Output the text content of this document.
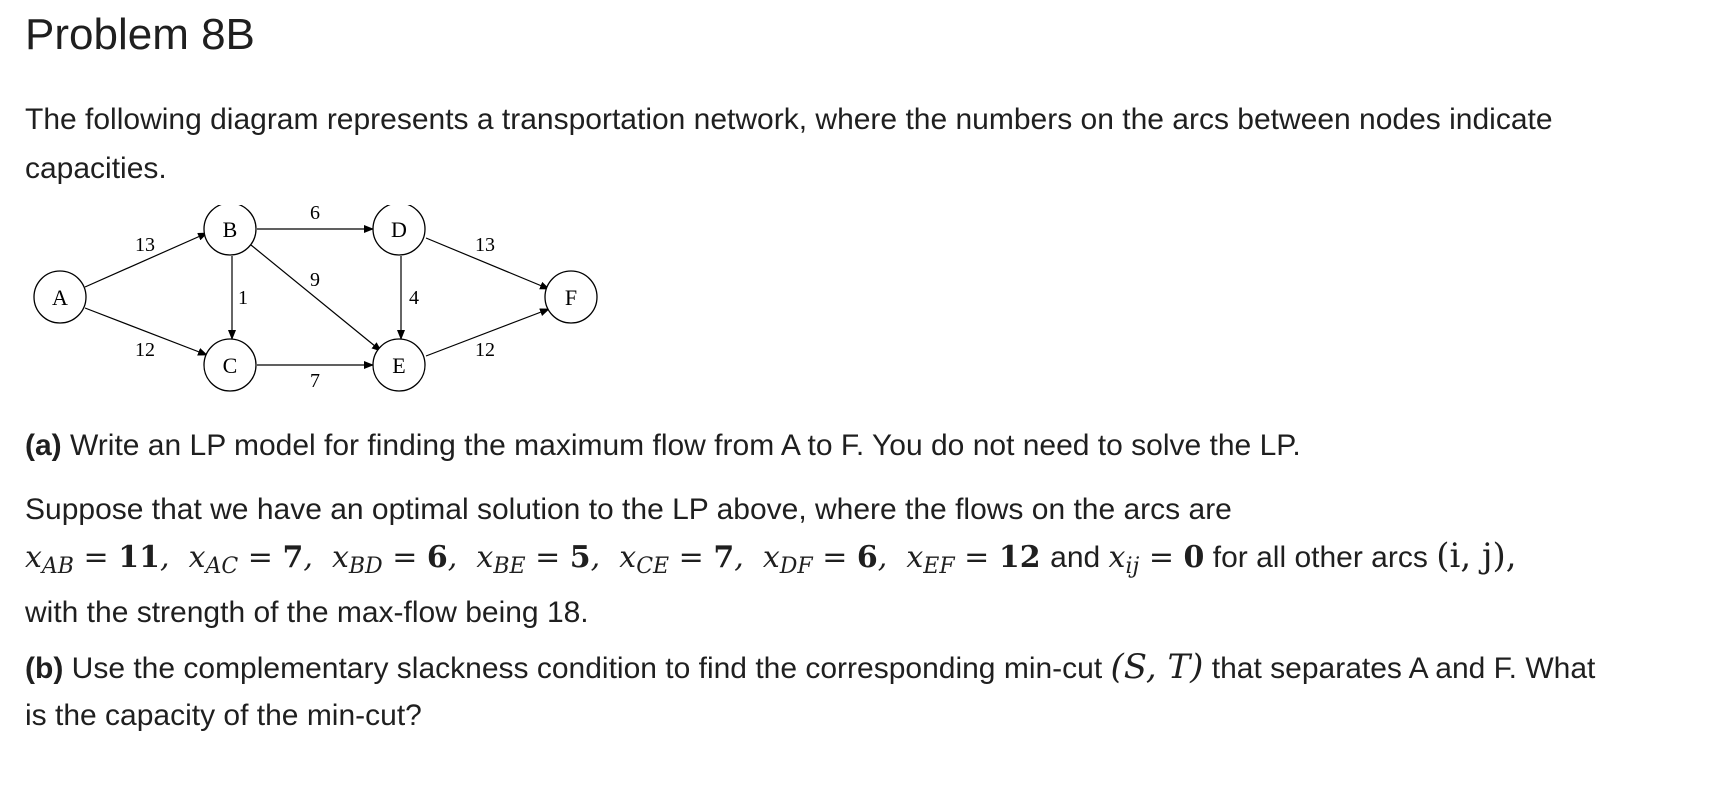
Problem 8B

The following diagram represents a transportation network, where the numbers on the arcs between nodes indicate
capacities.

A
B
C
D
E
F
13
12
6
1
9
4
7
13
12

(a) Write an LP model for finding the maximum flow from A to F. You do not need to solve the LP.

Suppose that we have an optimal solution to the LP above, where the flows on the arcs are
$x_{AB} = 11$,  $x_{AC} = 7$,  $x_{BD} = 6$,  $x_{BE} = 5$,  $x_{CE} = 7$,  $x_{DF} = 6$,  $x_{EF} = 12$ and $x_{ij} = 0$ for all other arcs (i, j),
with the strength of the max-flow being 18.

(b) Use the complementary slackness condition to find the corresponding min-cut (S, T) that separates A and F. What
is the capacity of the min-cut?
